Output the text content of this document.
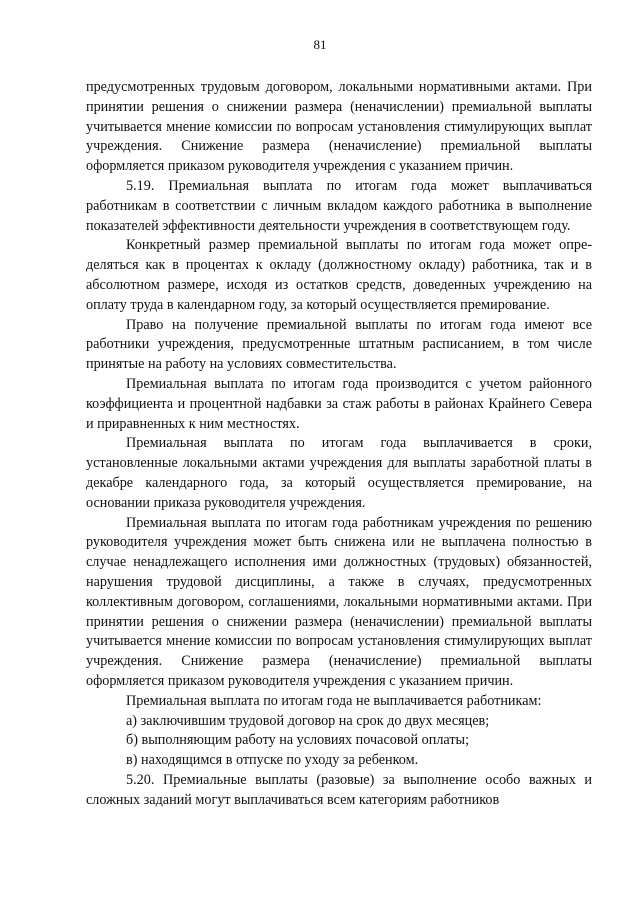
81

предусмотренных трудовым договором, локальными нормативными актами. При принятии решения о снижении размера (неначислении) премиальной выплаты учитывается мнение комиссии по вопросам установления стимулирующих выплат учреждения. Снижение размера (неначисление) премиальной выплаты оформляется приказом руководителя учреждения с указанием причин.

5.19. Премиальная выплата по итогам года может выплачиваться работникам в соответствии с личным вкладом каждого работника в выполнение показателей эффективности деятельности учреждения в соответствующем году.

Конкретный размер премиальной выплаты по итогам года может определяться как в процентах к окладу (должностному окладу) работника, так и в абсолютном размере, исходя из остатков средств, доведенных учреждению на оплату труда в календарном году, за который осуществляется премирование.

Право на получение премиальной выплаты по итогам года имеют все работники учреждения, предусмотренные штатным расписанием, в том числе принятые на работу на условиях совместительства.

Премиальная выплата по итогам года производится с учетом районного коэффициента и процентной надбавки за стаж работы в районах Крайнего Севера и приравненных к ним местностях.

Премиальная выплата по итогам года выплачивается в сроки, установленные локальными актами учреждения для выплаты заработной платы в декабре календарного года, за который осуществляется премирование, на основании приказа руководителя учреждения.

Премиальная выплата по итогам года работникам учреждения по решению руководителя учреждения может быть снижена или не выплачена полностью в случае ненадлежащего исполнения ими должностных (трудовых) обязанностей, нарушения трудовой дисциплины, а также в случаях, предусмотренных коллективным договором, соглашениями, локальными нормативными актами. При принятии решения о снижении размера (неначислении) премиальной выплаты учитывается мнение комиссии по вопросам установления стимулирующих выплат учреждения. Снижение размера (неначисление) премиальной выплаты оформляется приказом руководителя учреждения с указанием причин.

Премиальная выплата по итогам года не выплачивается работникам:

а) заключившим трудовой договор на срок до двух месяцев;

б) выполняющим работу на условиях почасовой оплаты;

в) находящимся в отпуске по уходу за ребенком.

5.20. Премиальные выплаты (разовые) за выполнение особо важных и сложных заданий могут выплачиваться всем категориям работников
